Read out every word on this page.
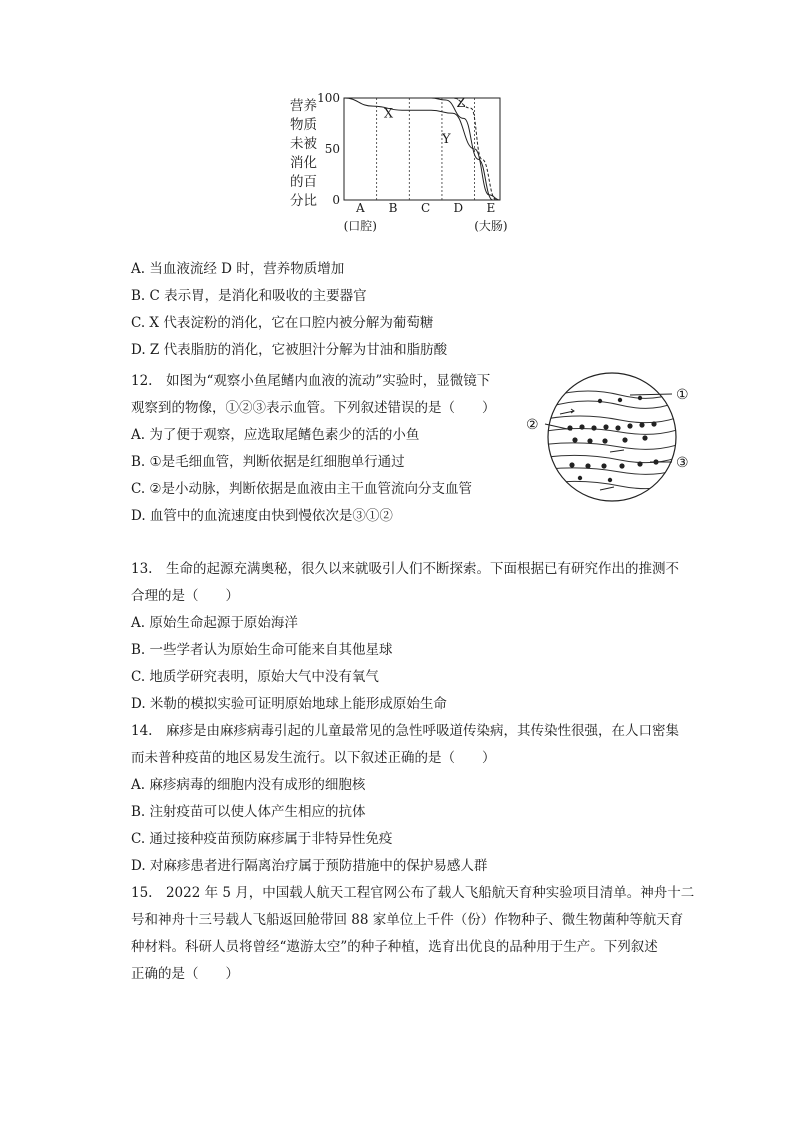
营养
物质
未被
消化
的百
分比 0
50
100
X
Y
Z
A B C D E
(口腔)	(大肠)
A. 当血液流经 D 时，营养物质增加
B. C 表示胃，是消化和吸收的主要器官
C. X 代表淀粉的消化，它在口腔内被分解为葡萄糖
D. Z 代表脂肪的消化，它被胆汁分解为甘油和脂肪酸
12.　如图为“观察小鱼尾鳍内血液的流动”实验时，显微镜下
观察到的物像，①②③表示血管。下列叙述错误的是（　　）
A. 为了便于观察，应选取尾鳍色素少的活的小鱼
B. ①是毛细血管，判断依据是红细胞单行通过
C. ②是小动脉，判断依据是血液由主干血管流向分支血管
D. 血管中的血流速度由快到慢依次是③①②
①
②
③
13.　生命的起源充满奥秘，很久以来就吸引人们不断探索。下面根据已有研究作出的推测不
合理的是（　　）
A. 原始生命起源于原始海洋
B. 一些学者认为原始生命可能来自其他星球
C. 地质学研究表明，原始大气中没有氧气
D. 米勒的模拟实验可证明原始地球上能形成原始生命
14.　麻疹是由麻疹病毒引起的儿童最常见的急性呼吸道传染病，其传染性很强，在人口密集
而未普种疫苗的地区易发生流行。以下叙述正确的是（　　）
A. 麻疹病毒的细胞内没有成形的细胞核
B. 注射疫苗可以使人体产生相应的抗体
C. 通过接种疫苗预防麻疹属于非特异性免疫
D. 对麻疹患者进行隔离治疗属于预防措施中的保护易感人群
15.　2022 年 5 月，中国载人航天工程官网公布了载人飞船航天育种实验项目清单。神舟十二
号和神舟十三号载人飞船返回舱带回 88 家单位上千件（份）作物种子、微生物菌种等航天育
种材料。科研人员将曾经“遨游太空”的种子种植，选育出优良的品种用于生产。下列叙述
正确的是（　　）
